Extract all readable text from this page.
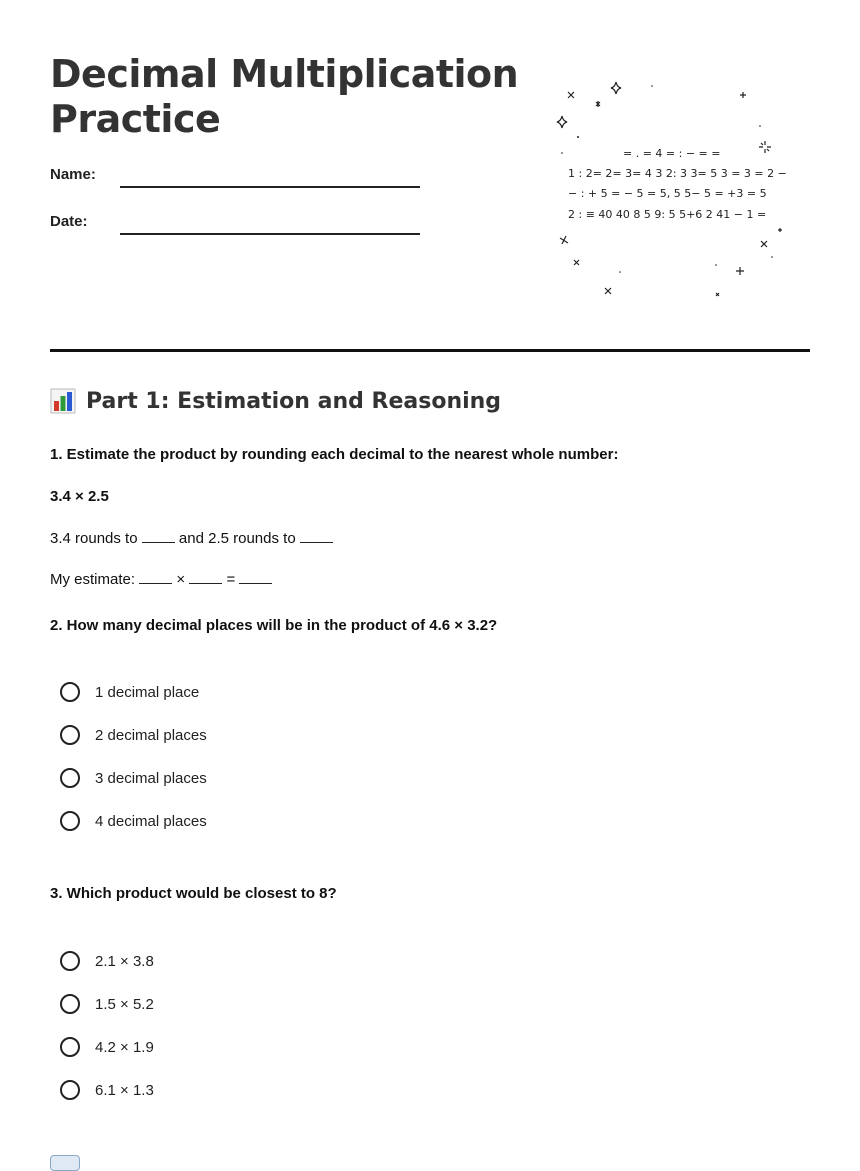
Decimal Multiplication
Practice
Name:
Date:
= . = 4 = : − = =
1 : 2= 2= 3= 4 3 2: 3 3= 5 3 = 3 = 2 −
− : + 5 = − 5 = 5, 5 5− 5 = +3 = 5
2 : ≡ 40 40 8 5 9: 5 5+6 2 41 − 1 =
Part 1: Estimation and Reasoning
1. Estimate the product by rounding each decimal to the nearest whole number:
3.4 × 2.5
3.4 rounds to	and 2.5 rounds to
My estimate:	×	=
2. How many decimal places will be in the product of 4.6 × 3.2?
1 decimal place
2 decimal places
3 decimal places
4 decimal places
3. Which product would be closest to 8?
2.1 × 3.8
1.5 × 5.2
4.2 × 1.9
6.1 × 1.3
